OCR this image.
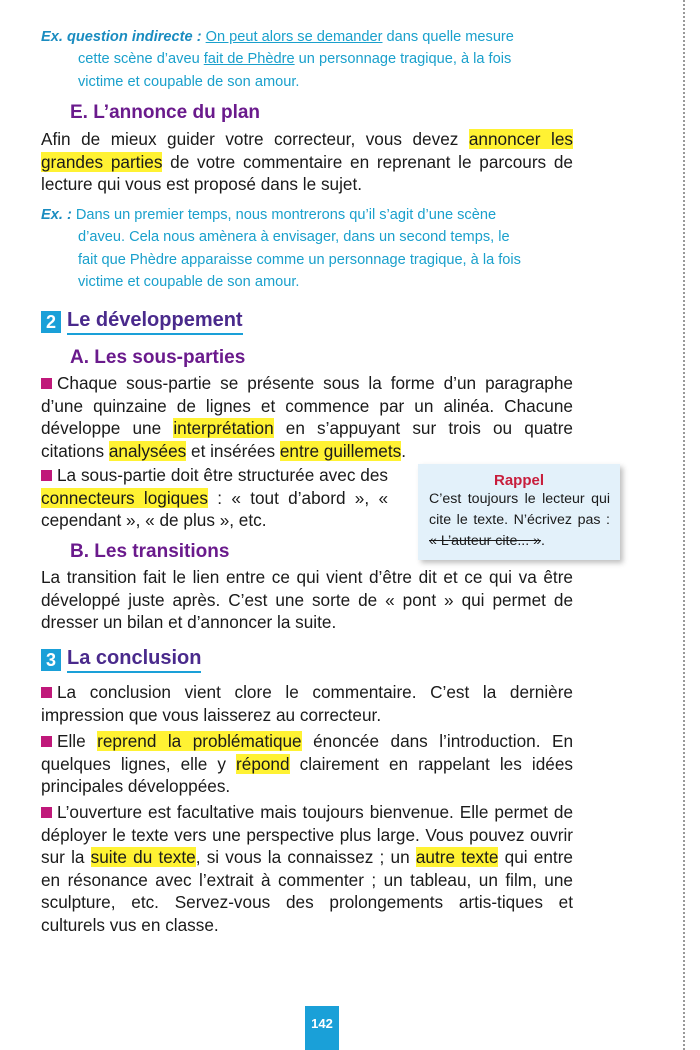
Ex. question indirecte : On peut alors se demander dans quelle mesure
cette scène d’aveu fait de Phèdre un personnage tragique, à la fois
victime et coupable de son amour.
E. L’annonce du plan
Afin de mieux guider votre correcteur, vous devez annoncer les grandes parties de votre commentaire en reprenant le parcours de lecture qui vous est proposé dans le sujet.
Ex. : Dans un premier temps, nous montrerons qu’il s’agit d’une scène
d’aveu. Cela nous amènera à envisager, dans un second temps, le
fait que Phèdre apparaisse comme un personnage tragique, à la fois
victime et coupable de son amour.
2 Le développement
A. Les sous-parties
Chaque sous-partie se présente sous la forme d’un paragraphe d’une quinzaine de lignes et commence par un alinéa. Chacune développe une interprétation en s’appuyant sur trois ou quatre citations analysées et insérées entre guillemets.
La sous-partie doit être structurée avec des connecteurs logiques : « tout d’abord », « cependant », « de plus », etc.
Rappel
C’est toujours le lecteur qui cite le texte. N’écrivez pas : « L’auteur cite... ».
B. Les transitions
La transition fait le lien entre ce qui vient d’être dit et ce qui va être développé juste après. C’est une sorte de « pont » qui permet de dresser un bilan et d’annoncer la suite.
3 La conclusion
La conclusion vient clore le commentaire. C’est la dernière impression que vous laisserez au correcteur.
Elle reprend la problématique énoncée dans l’introduction. En quelques lignes, elle y répond clairement en rappelant les idées principales développées.
L’ouverture est facultative mais toujours bienvenue. Elle permet de déployer le texte vers une perspective plus large. Vous pouvez ouvrir sur la suite du texte, si vous la connaissez ; un autre texte qui entre en résonance avec l’extrait à commenter ; un tableau, un film, une sculpture, etc. Servez-vous des prolongements artis-tiques et culturels vus en classe.
142
